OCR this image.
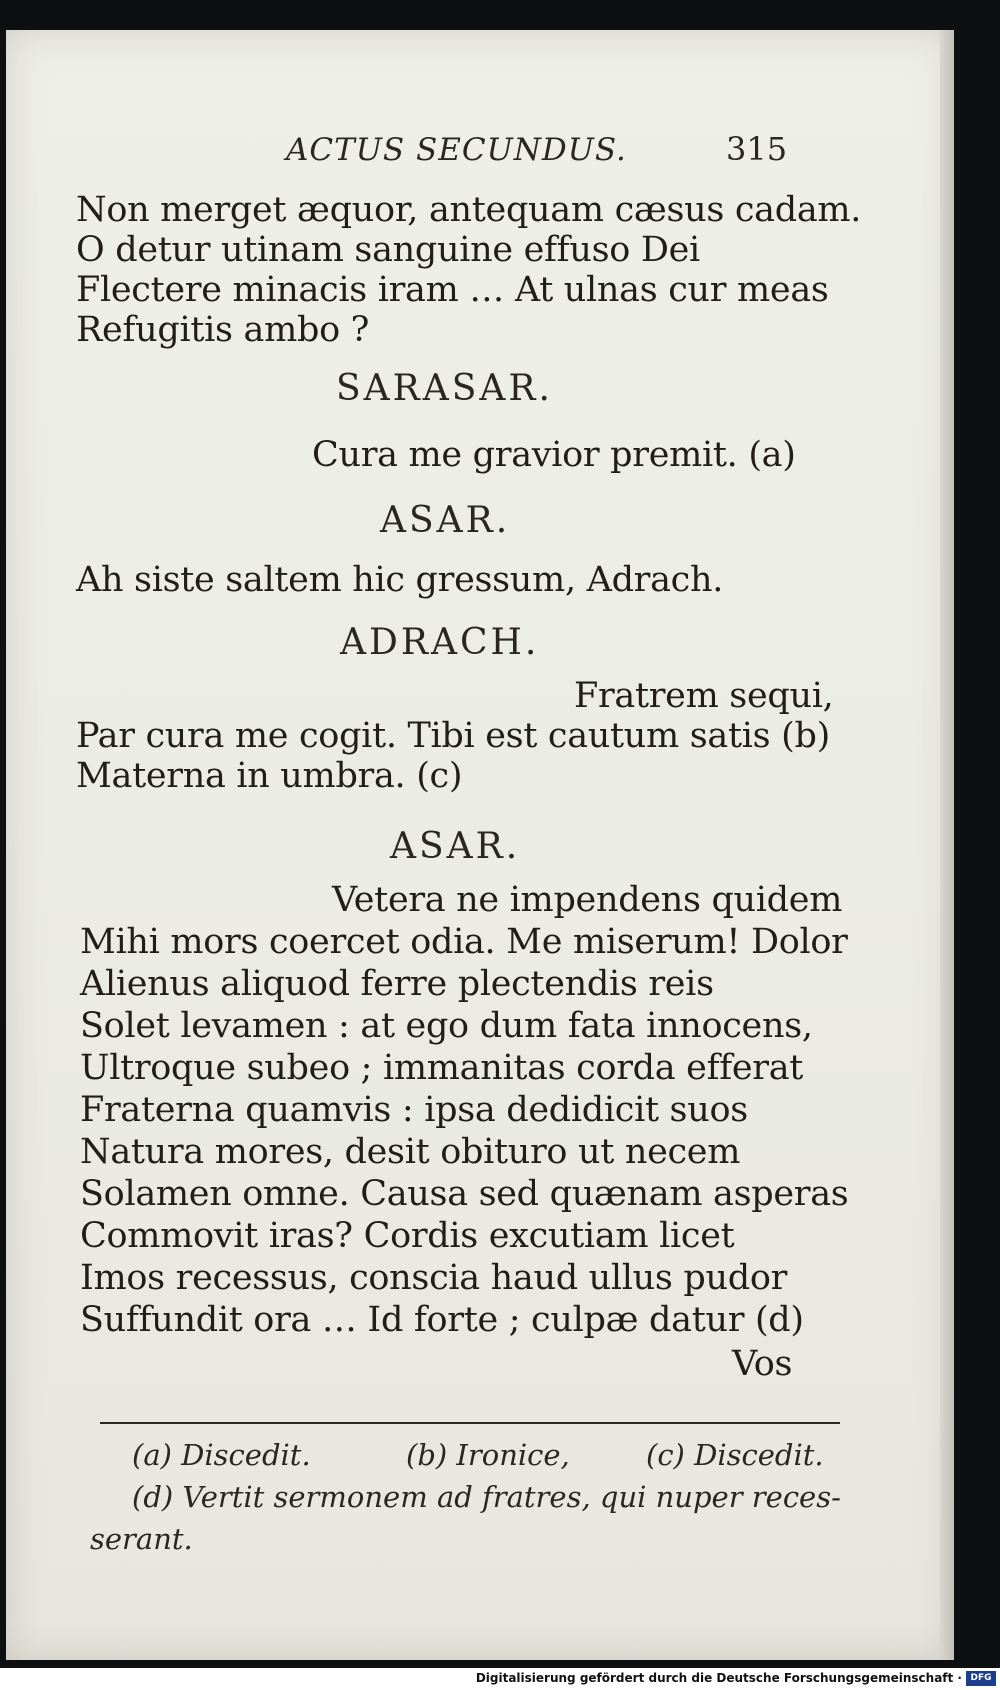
ACTUS SECUNDUS.	315
Non merget æquor, antequam cæsus cadam.
O detur utinam sanguine effuso Dei
Flectere minacis iram … At ulnas cur meas
Refugitis ambo ?
SARASAR.
Cura me gravior premit. (a)
ASAR.
Ah siste saltem hic gressum, Adrach.
ADRACH.
Fratrem sequi,
Par cura me cogit. Tibi est cautum satis (b)
Materna in umbra. (c)
ASAR.
Vetera ne impendens quidem
Mihi mors coercet odia. Me miserum! Dolor
Alienus aliquod ferre plectendis reis
Solet levamen : at ego dum fata innocens,
Ultroque subeo ; immanitas corda efferat
Fraterna quamvis : ipsa dedidicit suos
Natura mores, desit obituro ut necem
Solamen omne. Causa sed quænam asperas
Commovit iras? Cordis excutiam licet
Imos recessus, conscia haud ullus pudor
Suffundit ora … Id forte ; culpæ datur (d)
Vos
(a) Discedit.	(b) Ironice,	(c) Discedit.
(d) Vertit sermonem ad fratres, qui nuper reces-
serant.
Digitalisierung gefördert durch die Deutsche Forschungsgemeinschaft · DFG
